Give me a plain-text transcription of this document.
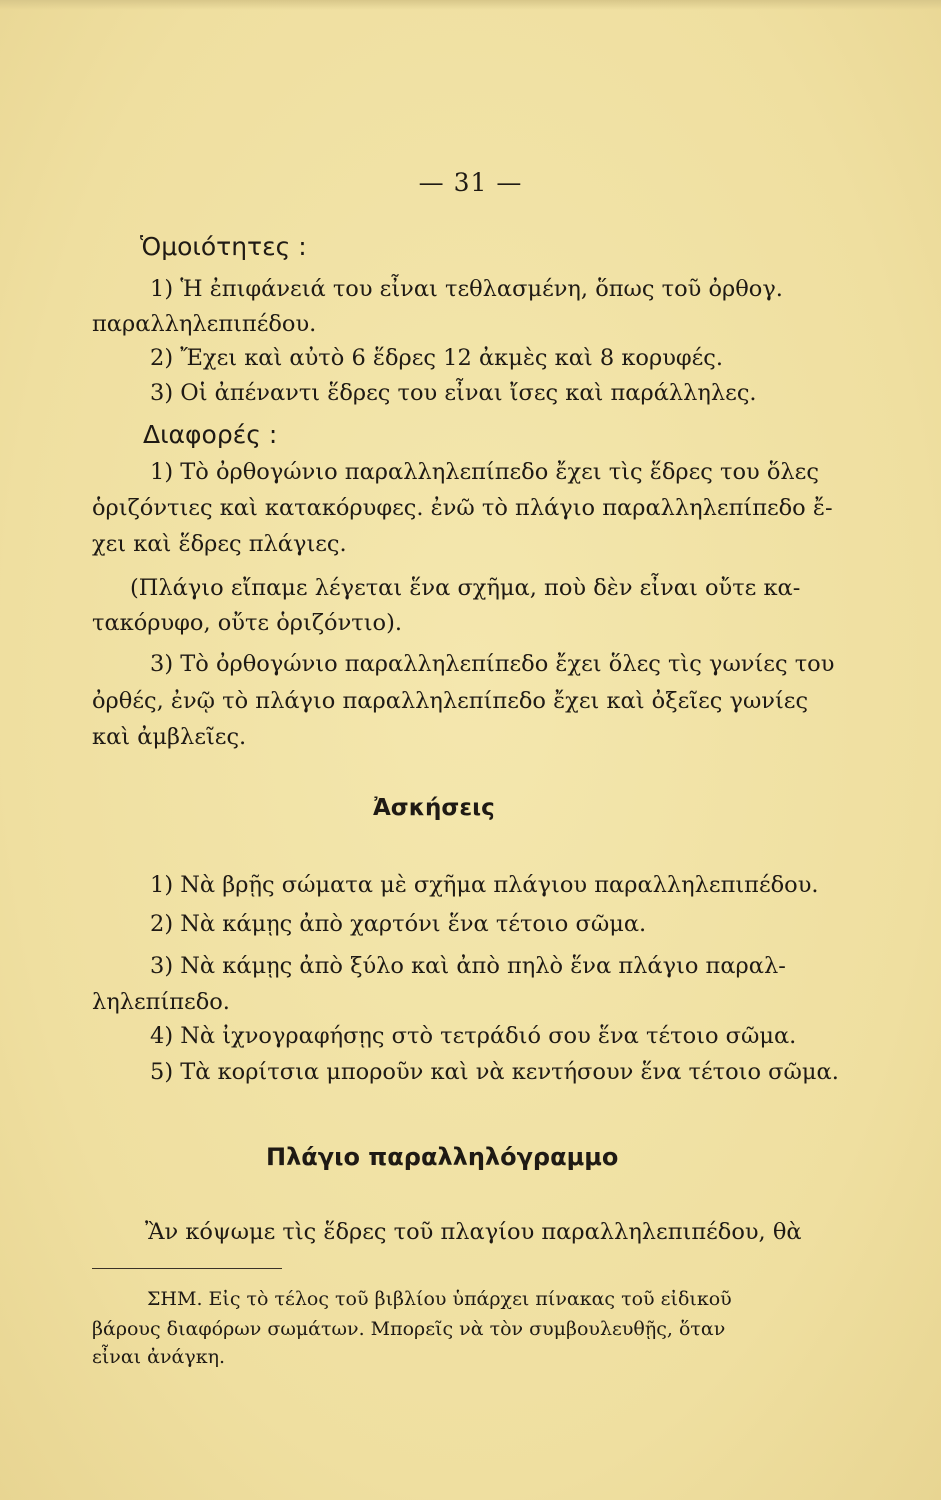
— 31 —
Ὁμοιότητες :
1) Ἡ ἐπιφάνειά του εἶναι τεθλασμένη, ὅπως τοῦ ὀρθογ.
παραλληλεπιπέδου.
2) Ἔχει καὶ αὐτὸ 6 ἕδρες 12 ἀκμὲς καὶ 8 κορυφές.
3) Οἱ ἀπέναντι ἕδρες του εἶναι ἴσες καὶ παράλληλες.
Διαφορές :
1) Τὸ ὀρθογώνιο παραλληλεπίπεδο ἔχει τὶς ἕδρες του ὅλες
ὁριζόντιες καὶ κατακόρυφες. ἐνῶ τὸ πλάγιο παραλληλεπίπεδο ἔ-
χει καὶ ἕδρες πλάγιες.
(Πλάγιο εἴπαμε λέγεται ἕνα σχῆμα, ποὺ δὲν εἶναι οὔτε κα-
τακόρυφο, οὔτε ὁριζόντιο).
3) Τὸ ὀρθογώνιο παραλληλεπίπεδο ἔχει ὅλες τὶς γωνίες του
ὀρθές, ἐνῷ τὸ πλάγιο παραλληλεπίπεδο ἔχει καὶ ὀξεῖες γωνίες
καὶ ἀμβλεῖες.
Ἀσκήσεις
1) Νὰ βρῇς σώματα μὲ σχῆμα πλάγιου παραλληλεπιπέδου.
2) Νὰ κάμῃς ἀπὸ χαρτόνι ἕνα τέτοιο σῶμα.
3) Νὰ κάμῃς ἀπὸ ξύλο καὶ ἀπὸ πηλὸ ἕνα πλάγιο παραλ-
ληλεπίπεδο.
4) Νὰ ἰχνογραφήσῃς στὸ τετράδιό σου ἕνα τέτοιο σῶμα.
5) Τὰ κορίτσια μποροῦν καὶ νὰ κεντήσουν ἕνα τέτοιο σῶμα.
Πλάγιο παραλληλόγραμμο
Ἂν κόψωμε τὶς ἕδρες τοῦ πλαγίου παραλληλεπιπέδου, θὰ
ΣΗΜ. Εἰς τὸ τέλος τοῦ βιβλίου ὑπάρχει πίνακας τοῦ εἰδικοῦ
βάρους διαφόρων σωμάτων. Μπορεῖς νὰ τὸν συμβουλευθῇς, ὅταν
εἶναι ἀνάγκη.
